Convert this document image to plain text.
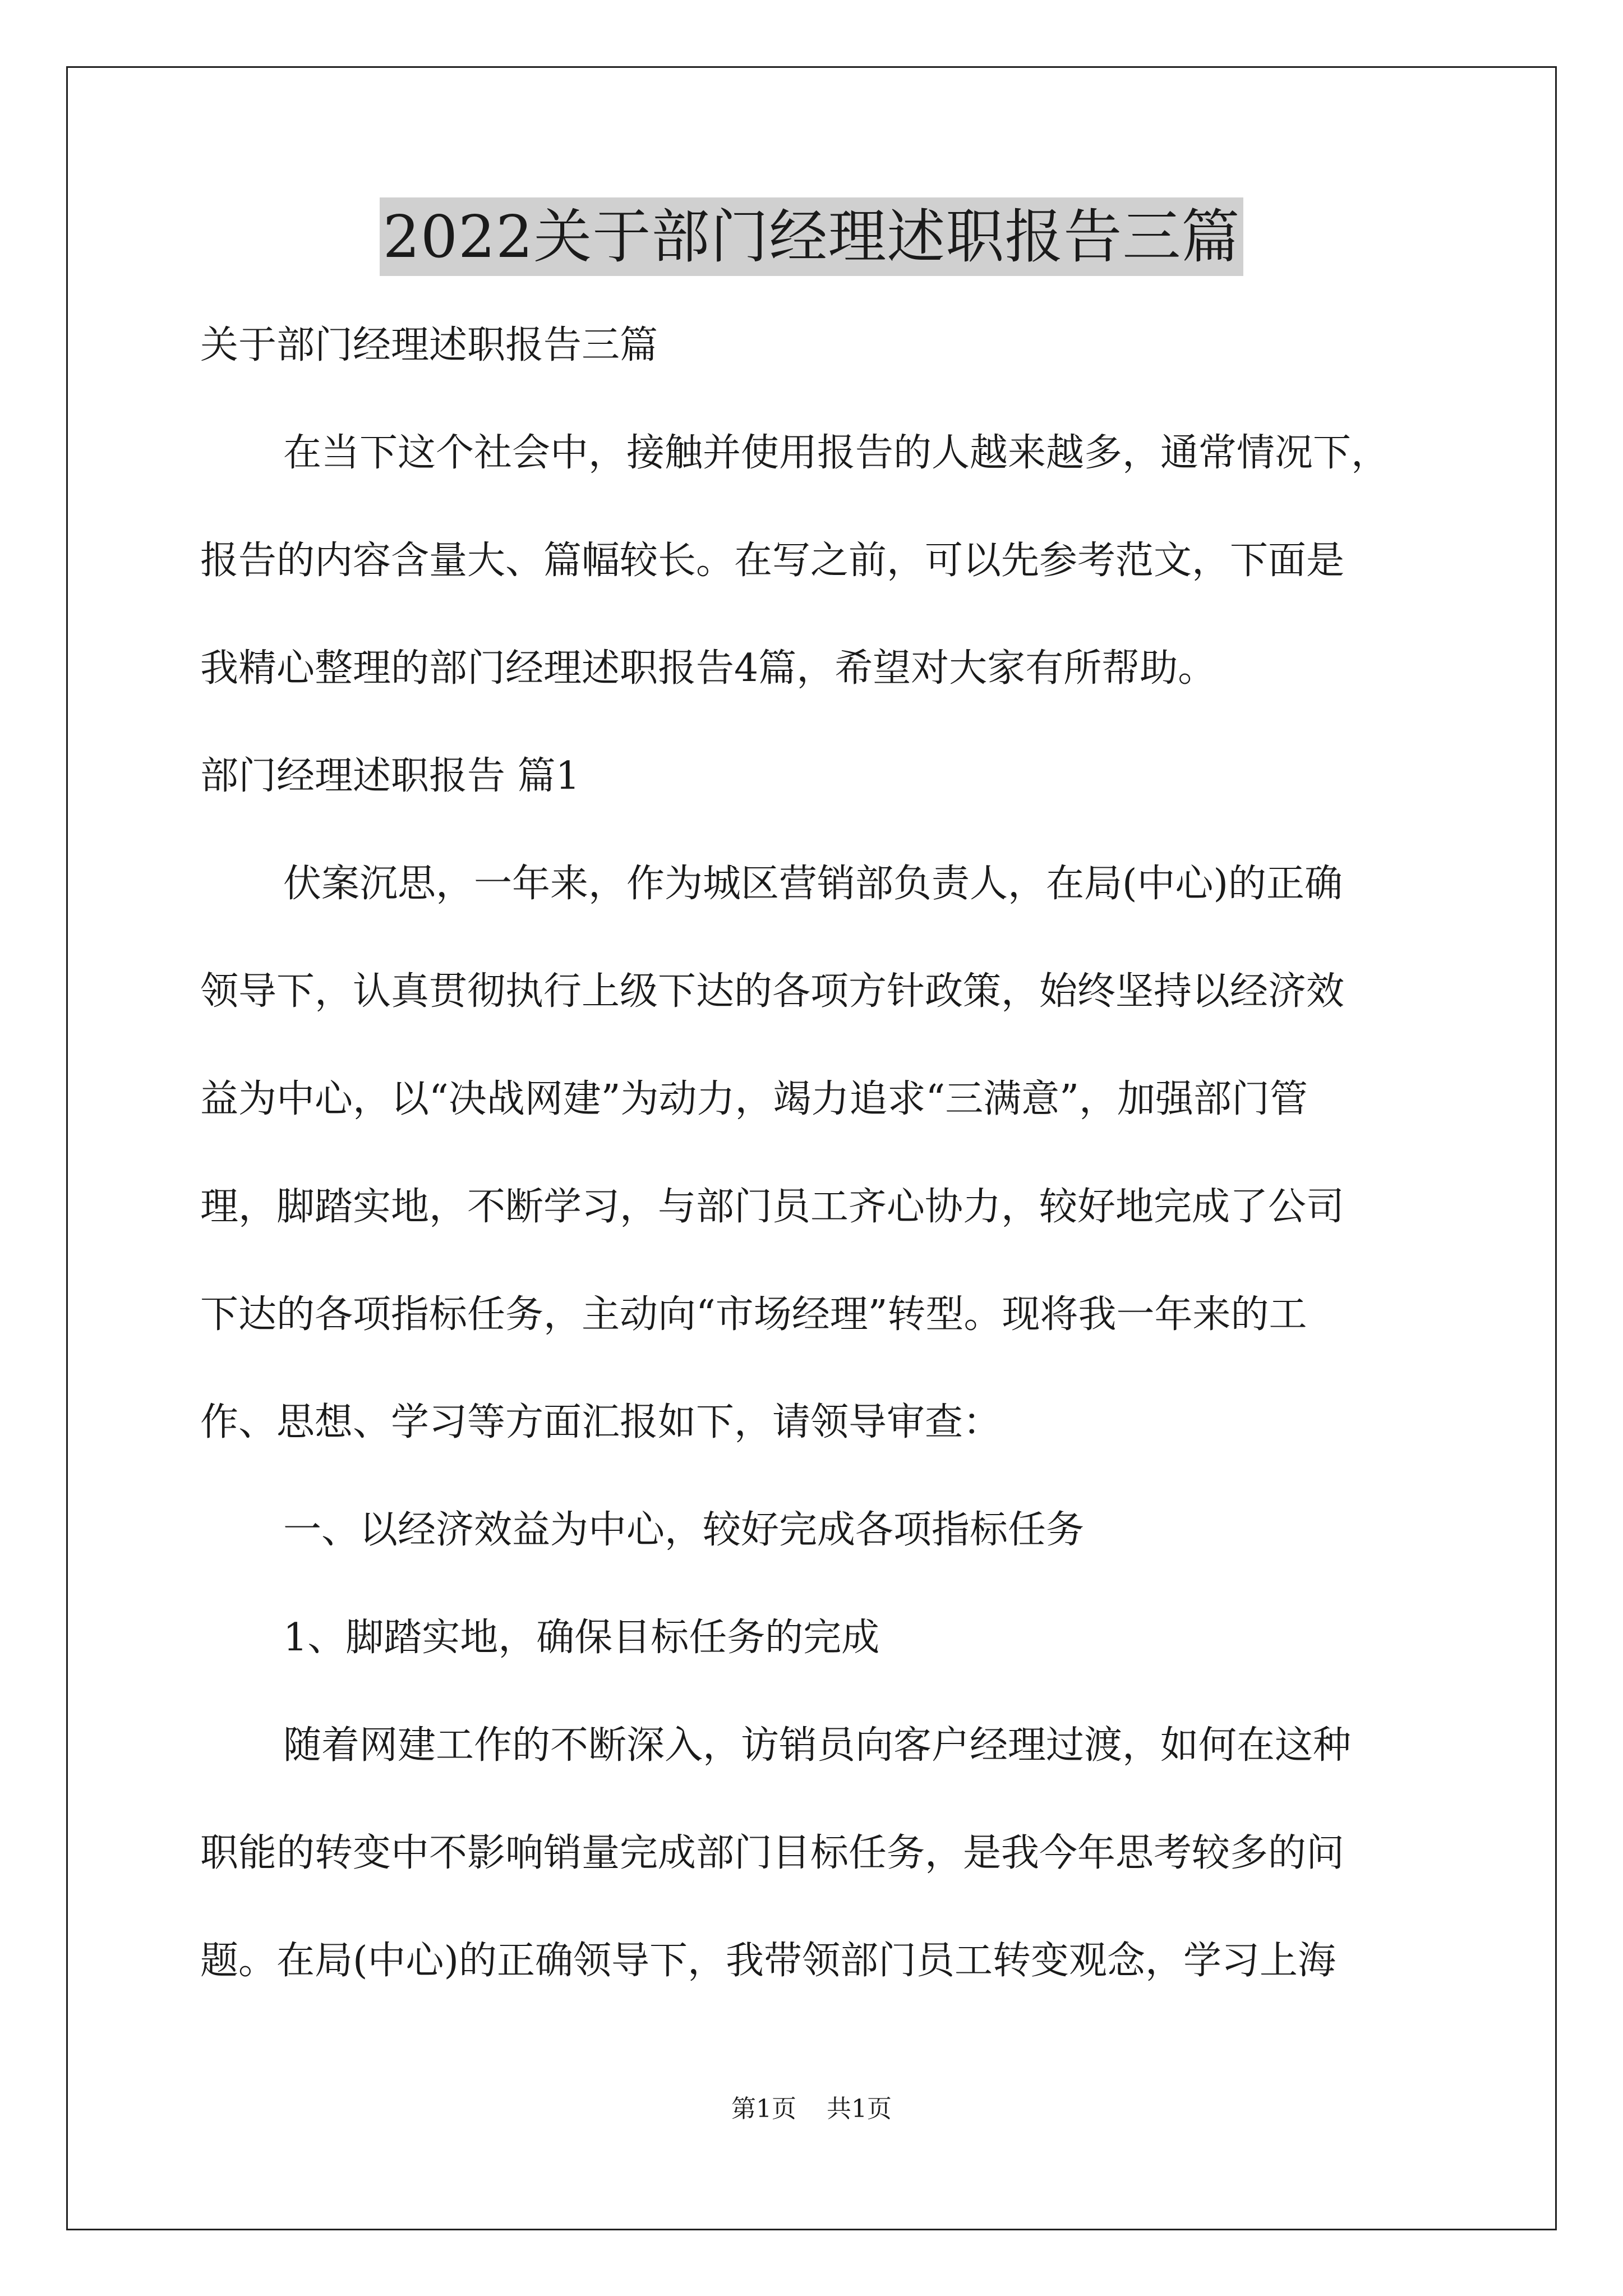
2022关于部门经理述职报告三篇

关于部门经理述职报告三篇

在当下这个社会中，接触并使用报告的人越来越多，通常情况下，

报告的内容含量大、篇幅较长。在写之前，可以先参考范文，下面是

我精心整理的部门经理述职报告4篇，希望对大家有所帮助。

部门经理述职报告 篇1

伏案沉思，一年来，作为城区营销部负责人，在局(中心)的正确

领导下，认真贯彻执行上级下达的各项方针政策，始终坚持以经济效

益为中心，以“决战网建”为动力，竭力追求“三满意”，加强部门管

理，脚踏实地，不断学习，与部门员工齐心协力，较好地完成了公司

下达的各项指标任务，主动向“市场经理”转型。现将我一年来的工

作、思想、学习等方面汇报如下，请领导审查：

一、以经济效益为中心，较好完成各项指标任务

1、脚踏实地，确保目标任务的完成

随着网建工作的不断深入，访销员向客户经理过渡，如何在这种

职能的转变中不影响销量完成部门目标任务，是我今年思考较多的问

题。在局(中心)的正确领导下，我带领部门员工转变观念，学习上海

第1页 共1页
